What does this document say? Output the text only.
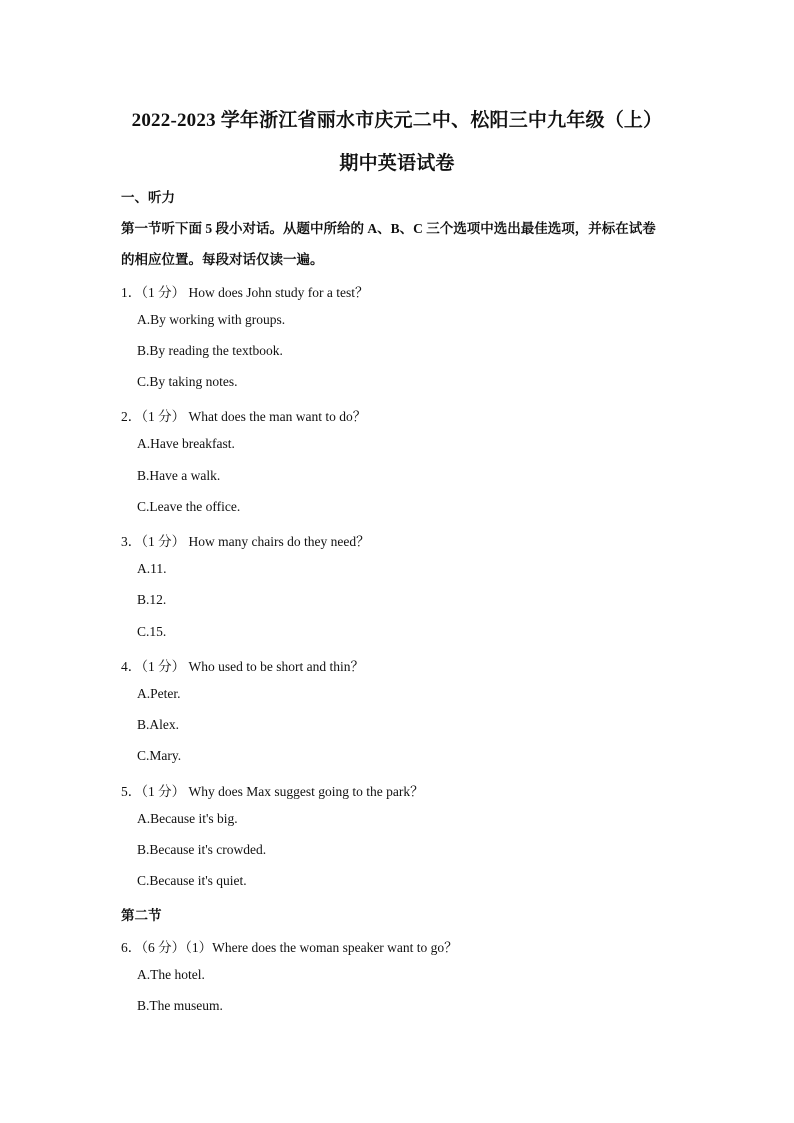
2022-2023 学年浙江省丽水市庆元二中、松阳三中九年级（上）
期中英语试卷
一、听力
第一节听下面 5 段小对话。从题中所给的 A、B、C 三个选项中选出最佳选项，并标在试卷
的相应位置。每段对话仅读一遍。
1．（1 分） How does John study for a test？
A.By working with groups.
B.By reading the textbook.
C.By taking notes.
2．（1 分） What does the man want to do？
A.Have breakfast.
B.Have a walk.
C.Leave the office.
3．（1 分） How many chairs do they need？
A.11.
B.12.
C.15.
4．（1 分） Who used to be short and thin？
A.Peter.
B.Alex.
C.Mary.
5．（1 分） Why does Max suggest going to the park？
A.Because it's big.
B.Because it's crowded.
C.Because it's quiet.
第二节
6．（6 分）（1）Where does the woman speaker want to go？
A.The hotel.
B.The museum.
